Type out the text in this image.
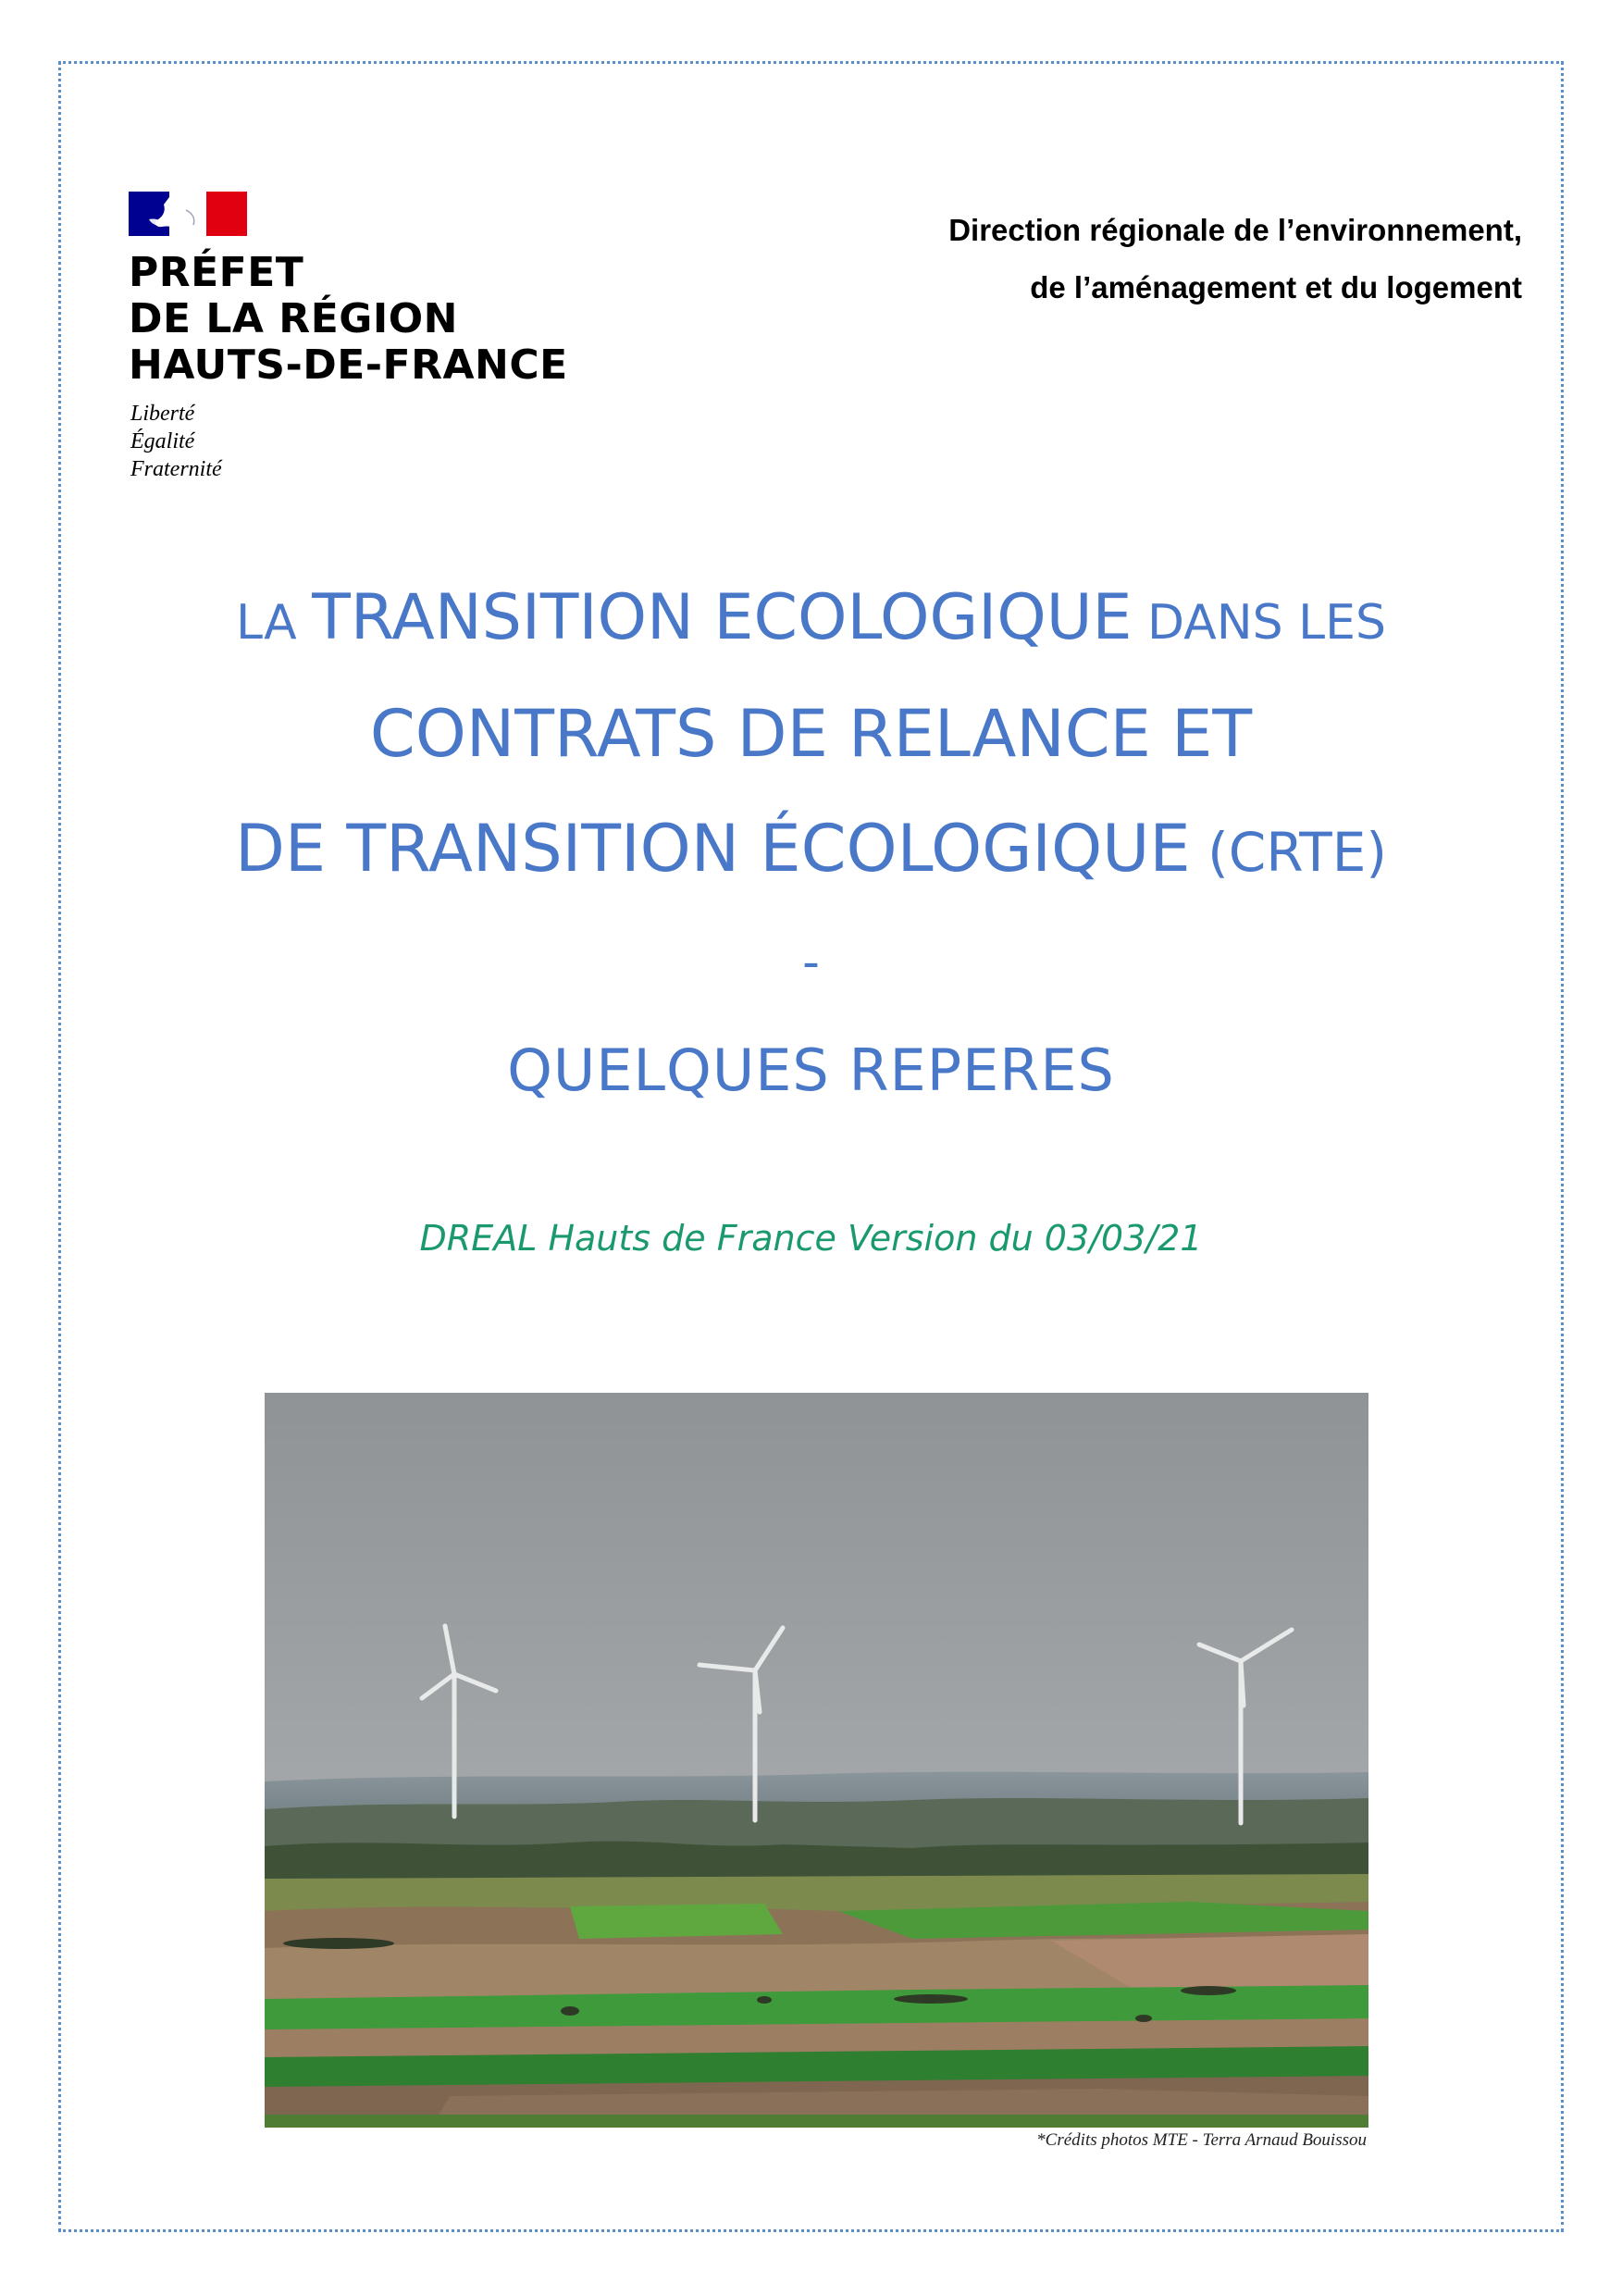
PRÉFET
DE LA RÉGION
HAUTS-DE-FRANCE
Liberté
Égalité
Fraternité
Direction régionale de l’environnement,
de l’aménagement et du logement
LA TRANSITION ECOLOGIQUE DANS LES
CONTRATS DE RELANCE ET
DE TRANSITION ÉCOLOGIQUE (CRTE)
-
QUELQUES REPERES
DREAL Hauts de France Version du 03/03/21
*Crédits photos MTE - Terra Arnaud Bouissou
